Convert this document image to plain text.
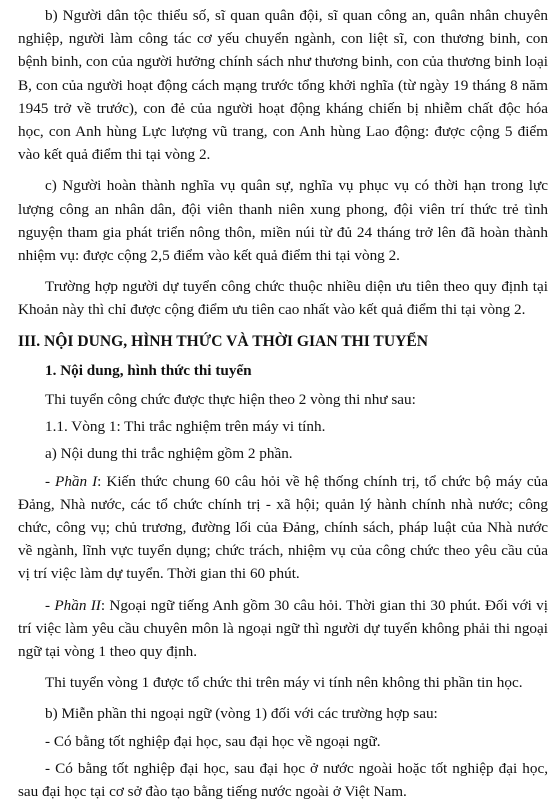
b) Người dân tộc thiểu số, sĩ quan quân đội, sĩ quan công an, quân nhân chuyên nghiệp, người làm công tác cơ yếu chuyển ngành, con liệt sĩ, con thương binh, con bệnh binh, con của người hưởng chính sách như thương binh, con của thương binh loại B, con của người hoạt động cách mạng trước tổng khởi nghĩa (từ ngày 19 tháng 8 năm 1945 trở về trước), con đẻ của người hoạt động kháng chiến bị nhiễm chất độc hóa học, con Anh hùng Lực lượng vũ trang, con Anh hùng Lao động: được cộng 5 điểm vào kết quả điểm thi tại vòng 2.

c) Người hoàn thành nghĩa vụ quân sự, nghĩa vụ phục vụ có thời hạn trong lực lượng công an nhân dân, đội viên thanh niên xung phong, đội viên trí thức trẻ tình nguyện tham gia phát triển nông thôn, miền núi từ đủ 24 tháng trở lên đã hoàn thành nhiệm vụ: được cộng 2,5 điểm vào kết quả điểm thi tại vòng 2.

Trường hợp người dự tuyển công chức thuộc nhiều diện ưu tiên theo quy định tại Khoản này thì chỉ được cộng điểm ưu tiên cao nhất vào kết quả điểm thi tại vòng 2.

III. NỘI DUNG, HÌNH THỨC VÀ THỜI GIAN THI TUYỂN

1. Nội dung, hình thức thi tuyển

Thi tuyển công chức được thực hiện theo 2 vòng thi như sau:

1.1. Vòng 1: Thi trắc nghiệm trên máy vi tính.

a) Nội dung thi trắc nghiệm gồm 2 phần.

- Phần I: Kiến thức chung 60 câu hỏi về hệ thống chính trị, tổ chức bộ máy của Đảng, Nhà nước, các tổ chức chính trị - xã hội; quản lý hành chính nhà nước; công chức, công vụ; chủ trương, đường lối của Đảng, chính sách, pháp luật của Nhà nước về ngành, lĩnh vực tuyển dụng; chức trách, nhiệm vụ của công chức theo yêu cầu của vị trí việc làm dự tuyển. Thời gian thi 60 phút.

- Phần II: Ngoại ngữ tiếng Anh gồm 30 câu hỏi. Thời gian thi 30 phút. Đối với vị trí việc làm yêu cầu chuyên môn là ngoại ngữ thì người dự tuyển không phải thi ngoại ngữ tại vòng 1 theo quy định.

Thi tuyển vòng 1 được tổ chức thi trên máy vi tính nên không thi phần tin học.

b) Miễn phần thi ngoại ngữ (vòng 1) đối với các trường hợp sau:

- Có bằng tốt nghiệp đại học, sau đại học về ngoại ngữ.

- Có bằng tốt nghiệp đại học, sau đại học ở nước ngoài hoặc tốt nghiệp đại học, sau đại học tại cơ sở đào tạo bằng tiếng nước ngoài ở Việt Nam.
